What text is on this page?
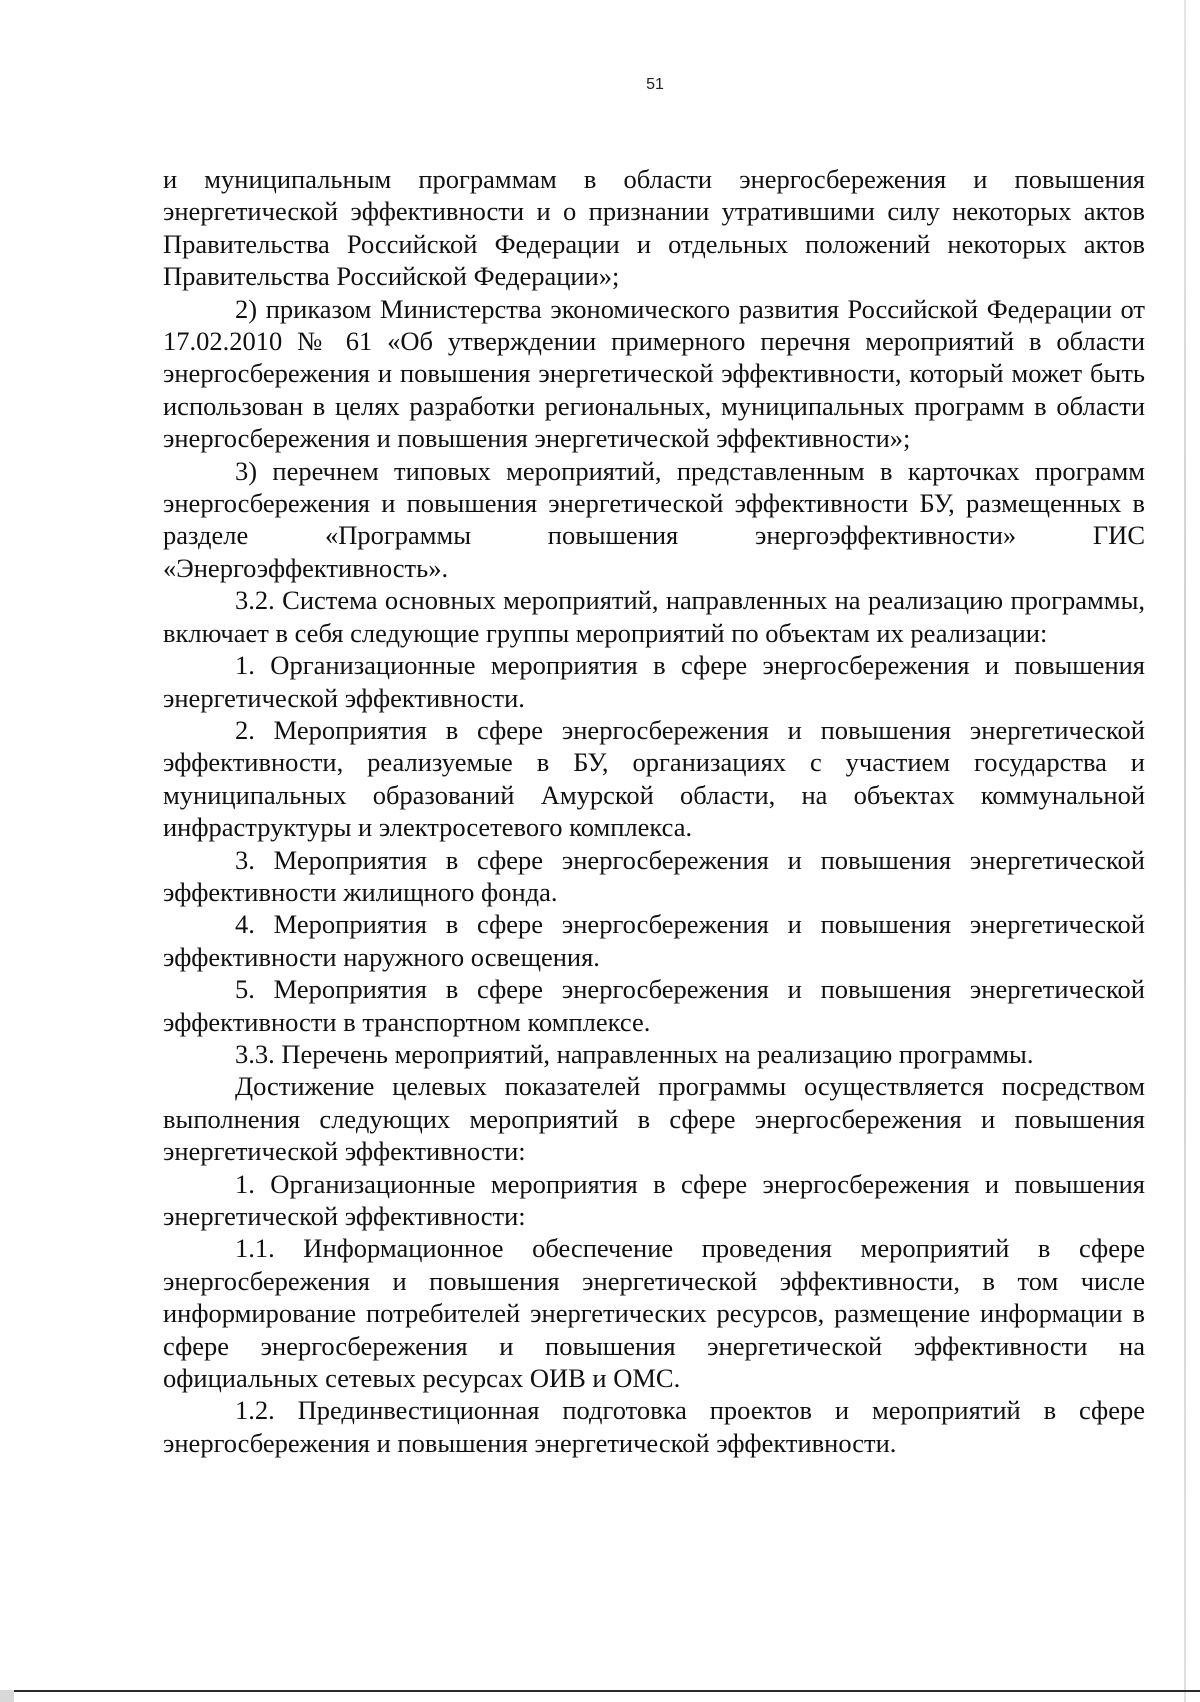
51

и муниципальным программам в области энергосбережения и повышения энергетической эффективности и о признании утратившими силу некоторых актов Правительства Российской Федерации и отдельных положений некоторых актов Правительства Российской Федерации»;

2) приказом Министерства экономического развития Российской Федерации от 17.02.2010 № 61 «Об утверждении примерного перечня мероприятий в области энергосбережения и повышения энергетической эффективности, который может быть использован в целях разработки региональных, муниципальных программ в области энергосбережения и повышения энергетической эффективности»;

3) перечнем типовых мероприятий, представленным в карточках программ энергосбережения и повышения энергетической эффективности БУ, размещенных в разделе «Программы повышения энергоэффективности» ГИС «Энергоэффективность».

3.2. Система основных мероприятий, направленных на реализацию программы, включает в себя следующие группы мероприятий по объектам их реализации:

1. Организационные мероприятия в сфере энергосбережения и повышения энергетической эффективности.

2. Мероприятия в сфере энергосбережения и повышения энергетической эффективности, реализуемые в БУ, организациях с участием государства и муниципальных образований Амурской области, на объектах коммунальной инфраструктуры и электросетевого комплекса.

3. Мероприятия в сфере энергосбережения и повышения энергетической эффективности жилищного фонда.

4. Мероприятия в сфере энергосбережения и повышения энергетической эффективности наружного освещения.

5. Мероприятия в сфере энергосбережения и повышения энергетической эффективности в транспортном комплексе.

3.3. Перечень мероприятий, направленных на реализацию программы.

Достижение целевых показателей программы осуществляется посредством выполнения следующих мероприятий в сфере энергосбережения и повышения энергетической эффективности:

1. Организационные мероприятия в сфере энергосбережения и повышения энергетической эффективности:

1.1. Информационное обеспечение проведения мероприятий в сфере энергосбережения и повышения энергетической эффективности, в том числе информирование потребителей энергетических ресурсов, размещение информации в сфере энергосбережения и повышения энергетической эффективности на официальных сетевых ресурсах ОИВ и ОМС.

1.2. Прединвестиционная подготовка проектов и мероприятий в сфере энергосбережения и повышения энергетической эффективности.
